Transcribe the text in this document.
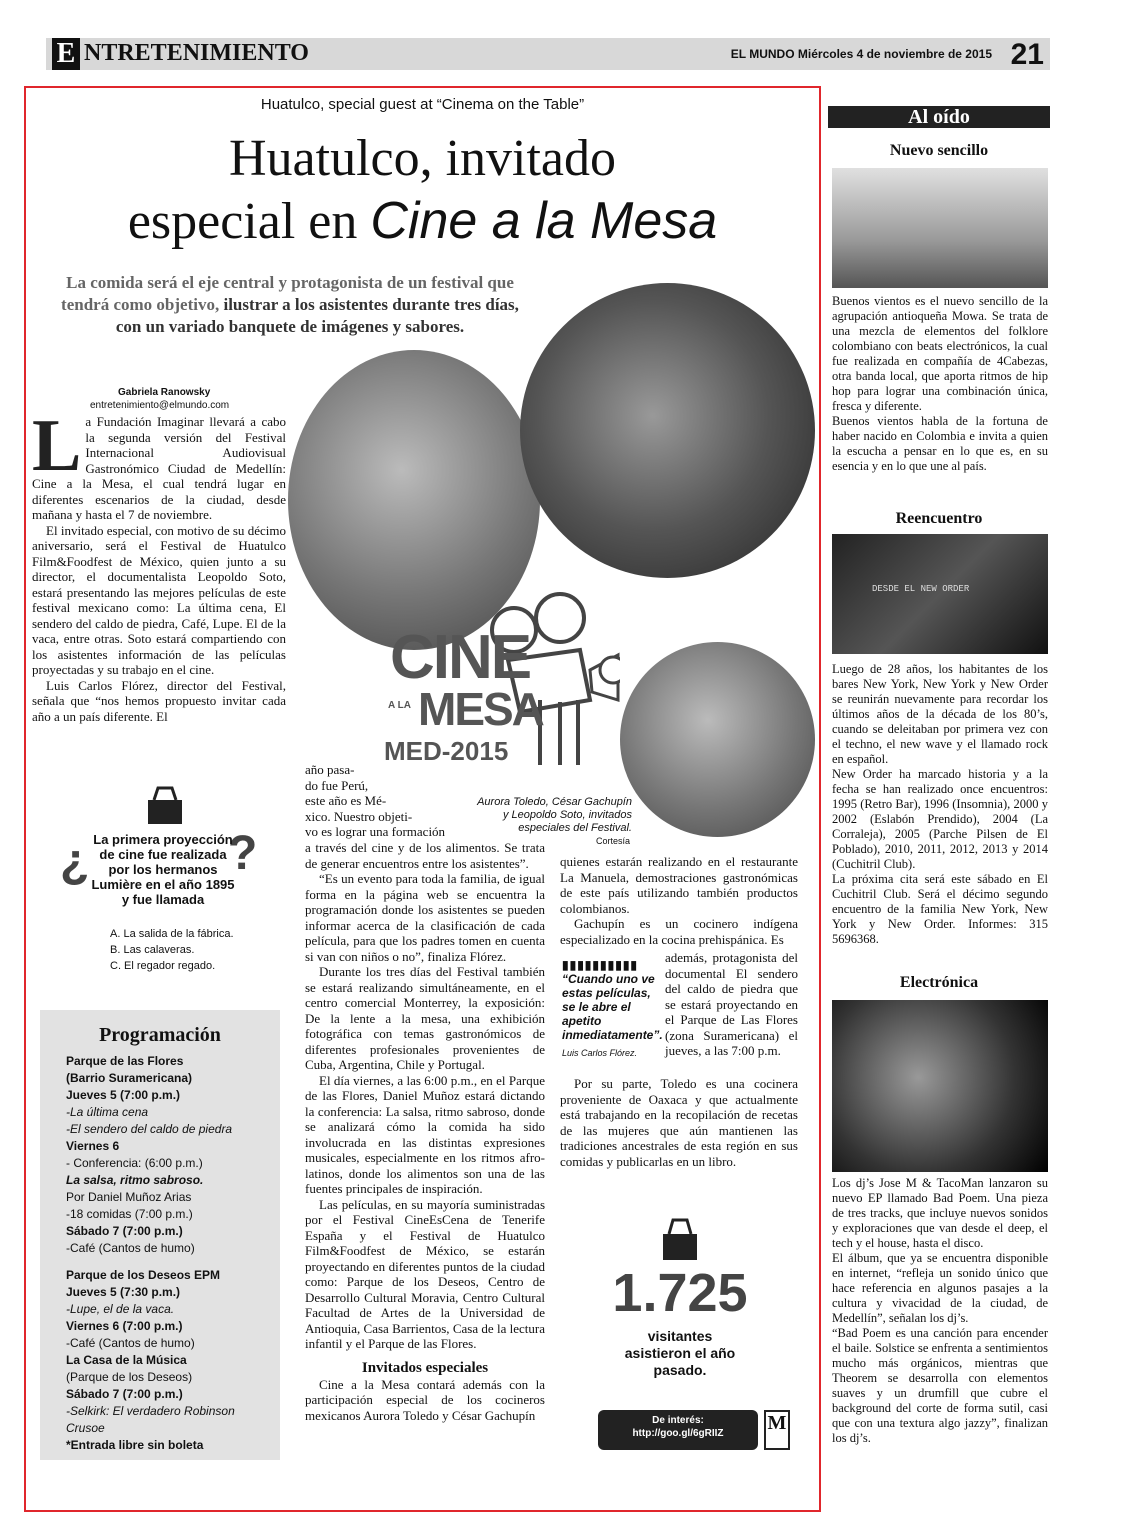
E NTRETENIMIENTO	EL MUNDO Miércoles 4 de noviembre de 2015 21
Huatulco, special guest at “Cinema on the Table”
Huatulco, invitado
especial en Cine a la Mesa
La comida será el eje central y protagonista de un festival que tendrá como objetivo, ilustrar a los asistentes durante tres días, con un variado banquete de imágenes y sabores.
CINE
A LA MESA
MED-2015
Aurora Toledo, César Gachupín y Leopoldo Soto, invitados especiales del Festival.
Cortesía
Gabriela Ranowsky
entretenimiento@elmundo.com

La Fundación Imaginar llevará a cabo la segunda versión del Festival Internacional Audiovisual Gastronómico Ciudad de Medellín: Cine a la Mesa, el cual tendrá lugar en diferentes escenarios de la ciudad, desde mañana y hasta el 7 de noviembre.

El invitado especial, con motivo de su décimo aniversario, será el Festival de Huatulco Film&Foodfest de México, quien junto a su director, el documentalista Leopoldo Soto, estará presentando las mejores películas de este festival mexicano como: La última cena, El sendero del caldo de piedra, Café, Lupe. El de la vaca, entre otras. Soto estará compartiendo con los asistentes información de las películas proyectadas y su trabajo en el cine.

Luis Carlos Flórez, director del Festival, señala que “nos hemos propuesto invitar cada año a un país diferente. El

año pasa-
do fue Perú,
este año es Mé-
xico. Nuestro objeti-
vo es lograr una formación

a través del cine y de los alimentos. Se trata de generar encuentros entre los asistentes”.

“Es un evento para toda la familia, de igual forma en la página web se encuentra la programación donde los asistentes se pueden informar acerca de la clasificación de cada película, para que los padres tomen en cuenta si van con niños o no”, finaliza Flórez.

Durante los tres días del Festival también se estará realizando simultáneamente, en el centro comercial Monterrey, la exposición: De la lente a la mesa, una exhibición fotográfica con temas gastronómicos de diferentes profesionales provenientes de Cuba, Argentina, Chile y Portugal.

El día viernes, a las 6:00 p.m., en el Parque de las Flores, Daniel Muñoz estará dictando la conferencia: La salsa, ritmo sabroso, donde se analizará cómo la comida ha sido involucrada en las distintas expresiones musicales, especialmente en los ritmos afro-latinos, donde los alimentos son una de las fuentes principales de inspiración.

Las películas, en su mayoría suministradas por el Festival CineEsCena de Tenerife España y el Festival de Huatulco Film&Foodfest de México, se estarán proyectando en diferentes puntos de la ciudad como: Parque de los Deseos, Centro de Desarrollo Cultural Moravia, Centro Cultural Facultad de Artes de la Universidad de Antioquia, Casa Barrientos, Casa de la lectura infantil y el Parque de las Flores.

Invitados especiales

Cine a la Mesa contará además con la participación especial de los cocineros mexicanos Aurora Toledo y César Gachupín

quienes estarán realizando en el restaurante La Manuela, demostraciones gastronómicas de este país utilizando también productos colombianos.

Gachupín es un cocinero indígena especializado en la cocina prehispánica. Es

además, protagonista del documental El sendero del caldo de piedra que se estará proyectando en el Parque de Las Flores (zona Suramericana) el jueves, a las 7:00 p.m.

Por su parte, Toledo es una cocinera proveniente de Oaxaca y que actualmente está trabajando en la recopilación de recetas de las mujeres que aún mantienen las tradiciones ancestrales de esta región en sus comidas y publicarlas en un libro.

▮▮▮▮▮▮▮▮▮▮
“Cuando uno ve estas películas, se le abre el apetito inmediatamente”.
Luis Carlos Flórez.
¿	?
La primera proyección de cine fue realizada por los hermanos Lumière en el año 1895 y fue llamada
A. La salida de la fábrica.
B. Las calaveras.
C. El regador regado.
Programación
Parque de las Flores
(Barrio Suramericana)
Jueves 5 (7:00 p.m.)
-La última cena
-El sendero del caldo de piedra
Viernes 6
- Conferencia: (6:00 p.m.)
La salsa, ritmo sabroso.
Por Daniel Muñoz Arias
-18 comidas (7:00 p.m.)
Sábado 7 (7:00 p.m.)
-Café (Cantos de humo)
Parque de los Deseos EPM
Jueves 5 (7:30 p.m.)
-Lupe, el de la vaca.
Viernes 6 (7:00 p.m.)
-Café (Cantos de humo)
La Casa de la Música
(Parque de los Deseos)
Sábado 7 (7:00 p.m.)
-Selkirk: El verdadero Robinson Crusoe
*Entrada libre sin boleta
1.725
visitantes asistieron el año pasado.
De interés:
http://goo.gl/6gRIIZ	M
Al oído
Nuevo sencillo

Buenos vientos es el nuevo sencillo de la agrupación antioqueña Mowa. Se trata de una mezcla de elementos del folklore colombiano con beats electrónicos, la cual fue realizada en compañía de 4Cabezas, otra banda local, que aporta ritmos de hip hop para lograr una combinación única, fresca y diferente.

Buenos vientos habla de la fortuna de haber nacido en Colombia e invita a quien la escucha a pensar en lo que es, en su esencia y en lo que une al país.

Reencuentro
DESDE EL NEW ORDER

Luego de 28 años, los habitantes de los bares New York, New York y New Order se reunirán nuevamente para recordar los últimos años de la década de los 80’s, cuando se deleitaban por primera vez con el techno, el new wave y el llamado rock en español.

New Order ha marcado historia y a la fecha se han realizado once encuentros: 1995 (Retro Bar), 1996 (Insomnia), 2000 y 2002 (Eslabón Prendido), 2004 (La Corraleja), 2005 (Parche Pilsen de El Poblado), 2010, 2011, 2012, 2013 y 2014 (Cuchitril Club).

La próxima cita será este sábado en El Cuchitril Club. Será el décimo segundo encuentro de la familia New York, New York y New Order. Informes: 315 5696368.

Electrónica

Los dj’s Jose M & TacoMan lanzaron su nuevo EP llamado Bad Poem. Una pieza de tres tracks, que incluye nuevos sonidos y exploraciones que van desde el deep, el tech y el house, hasta el disco.

El álbum, que ya se encuentra disponible en internet, “refleja un sonido único que hace referencia en algunos pasajes a la cultura y vivacidad de la ciudad, de Medellín”, señalan los dj’s.

“Bad Poem es una canción para encender el baile. Solstice se enfrenta a sentimientos mucho más orgánicos, mientras que Theorem se desarrolla con elementos suaves y un drumfill que cubre el background del corte de forma sutil, casi que con una textura algo jazzy”, finalizan los dj’s.
